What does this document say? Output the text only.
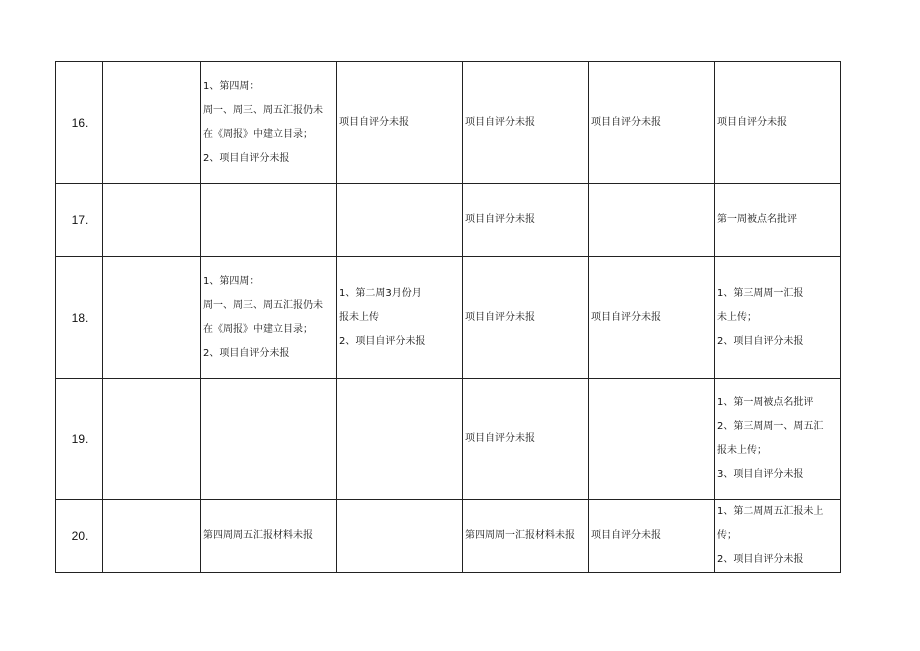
16.		1、第四周：
周一、周三、周五汇报仍未
在《周报》中建立目录；
2、项目自评分未报	项目自评分未报	项目自评分未报	项目自评分未报	项目自评分未报

17.				项目自评分未报		第一周被点名批评

18.		1、第四周：
周一、周三、周五汇报仍未
在《周报》中建立目录；
2、项目自评分未报	1、第二周3月份月
报未上传
2、项目自评分未报	项目自评分未报	项目自评分未报	1、第三周周一汇报
未上传；
2、项目自评分未报

19.				项目自评分未报		1、第一周被点名批评
2、第三周周一、周五汇
报未上传；
3、项目自评分未报

20.		第四周周五汇报材料未报		第四周周一汇报材料未报	项目自评分未报	1、第二周周五汇报未上
传；
2、项目自评分未报
